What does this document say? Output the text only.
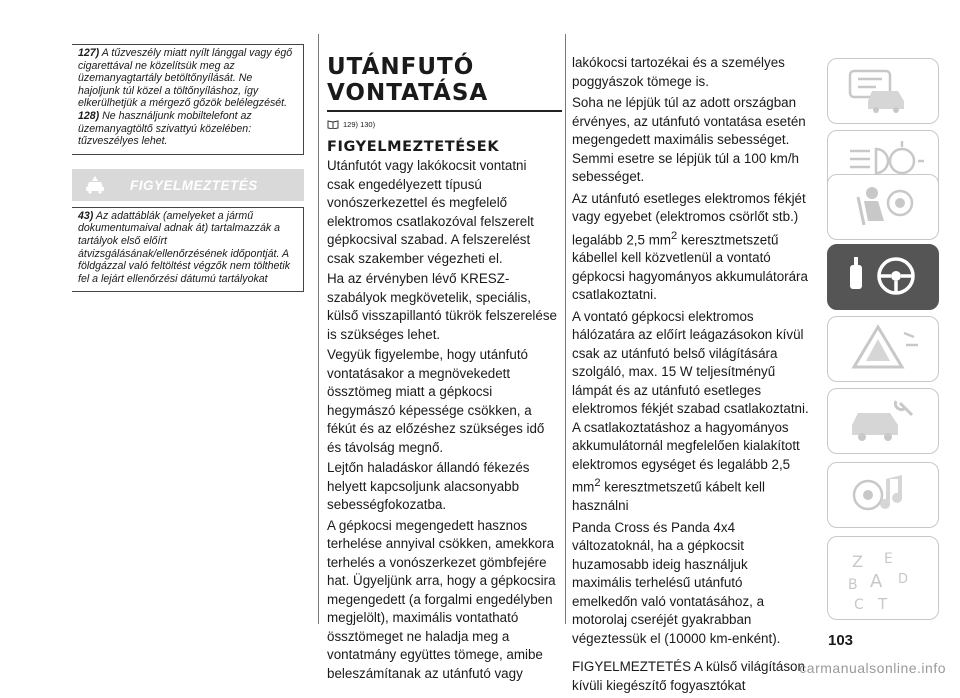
127) A tűzveszély miatt nyílt lánggal vagy égő cigarettával ne közelítsük meg az üzemanyagtartály betöltőnyílását. Ne hajoljunk túl közel a töltőnyíláshoz, így elkerülhetjük a mérgező gőzök belélegzését.

128) Ne használjunk mobiltelefont az üzemanyagtöltő szivattyú közelében: tűzveszélyes lehet.

FIGYELMEZTETÉS

43) Az adattáblák (amelyeket a jármű dokumentumaival adnak át) tartalmazzák a tartályok első előírt átvizsgálásának/ellenőrzésének időpontját. A földgázzal való feltöltést végzők nem tölthetik fel a lejárt ellenőrzési dátumú tartályokat

UTÁNFUTÓ
VONTATÁSA
129) 130)
FIGYELMEZTETÉSEK

Utánfutót vagy lakókocsit vontatni csak engedélyezett típusú vonószerkezettel és megfelelő elektromos csatlakozóval felszerelt gépkocsival szabad. A felszerelést csak szakember végezheti el.

Ha az érvényben lévő KRESZ-szabályok megkövetelik, speciális, külső visszapillantó tükrök felszerelése is szükséges lehet.

Vegyük figyelembe, hogy utánfutó vontatásakor a megnövekedett össztömeg miatt a gépkocsi hegymászó képessége csökken, a fékút és az előzéshez szükséges idő és távolság megnő.

Lejtőn haladáskor állandó fékezés helyett kapcsoljunk alacsonyabb sebességfokozatba.

A gépkocsi megengedett hasznos terhelése annyival csökken, amekkora terhelés a vonószerkezet gömbfejére hat. Ügyeljünk arra, hogy a gépkocsira megengedett (a forgalmi engedélyben megjelölt), maximális vontatható össztömeget ne haladja meg a vontatmány együttes tömege, amibe beleszámítanak az utánfutó vagy

lakókocsi tartozékai és a személyes poggyászok tömege is.

Soha ne lépjük túl az adott országban érvényes, az utánfutó vontatása esetén megengedett maximális sebességet. Semmi esetre se lépjük túl a 100 km/h sebességet.

Az utánfutó esetleges elektromos fékjét vagy egyebet (elektromos csörlőt stb.) legalább 2,5 $mm^2$ keresztmetszetű kábellel kell közvetlenül a vontató gépkocsi hagyományos akkumulátorára csatlakoztatni.

A vontató gépkocsi elektromos hálózatára az előírt leágazásokon kívül csak az utánfutó belső világítására szolgáló, max. 15 W teljesítményű lámpát és az utánfutó esetleges elektromos fékjét szabad csatlakoztatni. A csatlakoztatáshoz a hagyományos akkumulátornál megfelelően kialakított elektromos egységet és legalább 2,5 $mm^2$ keresztmetszetű kábelt kell használni

Panda Cross és Panda 4x4 változatoknál, ha a gépkocsit huzamosabb ideig használjuk maximális terhelésű utánfutó emelkedőn való vontatásához, a motorolaj cseréjét gyakrabban végeztessük el (10000 km-enként).

FIGYELMEZTETÉS A külső világításon kívüli kiegészítő fogyasztókat

Z E
B A D
C T
103
carmanualsonline.info
